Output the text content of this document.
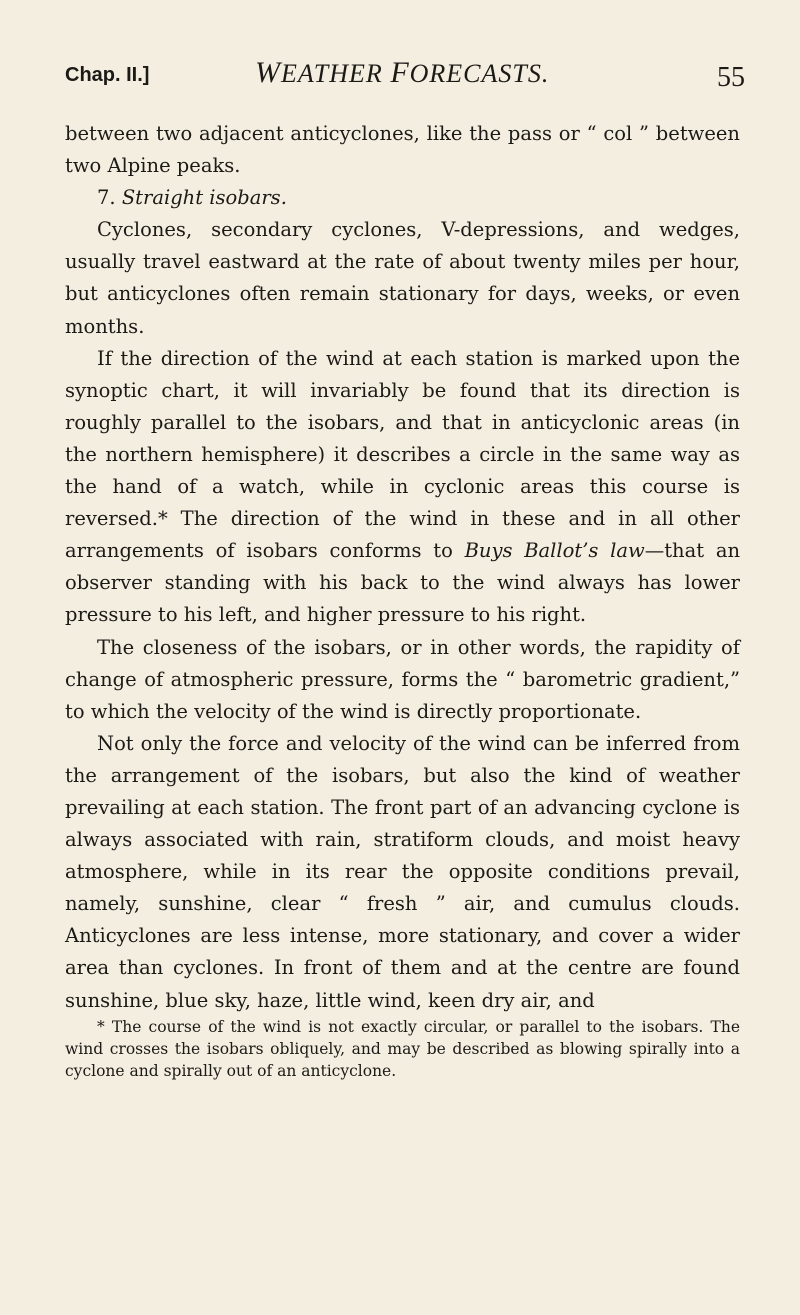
Chap. II.]	WEATHER FORECASTS.	55

between two adjacent anticyclones, like the pass or “ col ” between two Alpine peaks.

7. Straight isobars.

Cyclones, secondary cyclones, V-depressions, and wedges, usually travel eastward at the rate of about twenty miles per hour, but anticyclones often remain stationary for days, weeks, or even months.

If the direction of the wind at each station is marked upon the synoptic chart, it will invariably be found that its direction is roughly parallel to the isobars, and that in anticyclonic areas (in the northern hemisphere) it describes a circle in the same way as the hand of a watch, while in cyclonic areas this course is reversed.* The direction of the wind in these and in all other arrangements of isobars conforms to Buys Ballot’s law—that an observer standing with his back to the wind always has lower pressure to his left, and higher pressure to his right.

The closeness of the isobars, or in other words, the rapidity of change of atmospheric pressure, forms the “ barometric gradient,” to which the velocity of the wind is directly proportionate.

Not only the force and velocity of the wind can be inferred from the arrangement of the isobars, but also the kind of weather prevailing at each station. The front part of an advancing cyclone is always associated with rain, stratiform clouds, and moist heavy atmosphere, while in its rear the opposite conditions prevail, namely, sunshine, clear “ fresh ” air, and cumulus clouds. Anticyclones are less intense, more stationary, and cover a wider area than cyclones. In front of them and at the centre are found sunshine, blue sky, haze, little wind, keen dry air, and

* The course of the wind is not exactly circular, or parallel to the isobars. The wind crosses the isobars obliquely, and may be described as blowing spirally into a cyclone and spirally out of an anticyclone.
